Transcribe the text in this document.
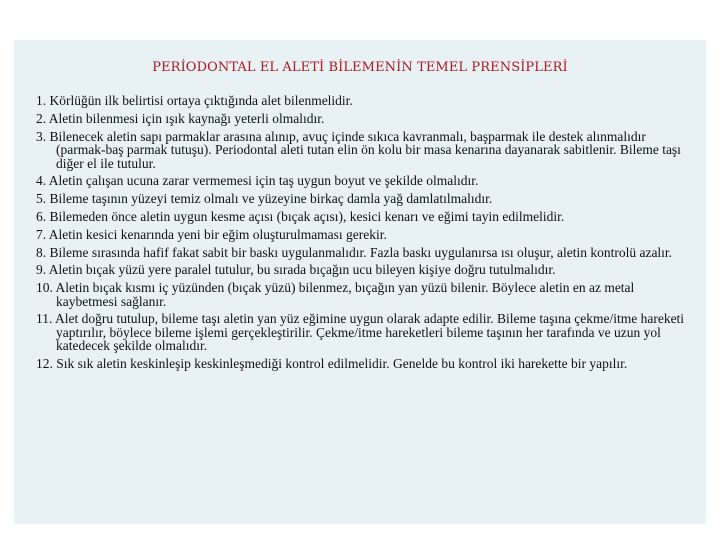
PERİODONTAL EL ALETİ BİLEMENİN TEMEL PRENSİPLERİ
1. Körlüğün ilk belirtisi ortaya çıktığında alet bilenmelidir.
2. Aletin bilenmesi için ışık kaynağı yeterli olmalıdır.
3. Bilenecek aletin sapı parmaklar arasına alınıp, avuç içinde sıkıca kavranmalı, başparmak ile destek alınmalıdır (parmak-baş parmak tutuşu). Periodontal aleti tutan elin ön kolu bir masa kenarına dayanarak sabitlenir. Bileme taşı diğer el ile tutulur.
4. Aletin çalışan ucuna zarar vermemesi için taş uygun boyut ve şekilde olmalıdır.
5. Bileme taşının yüzeyi temiz olmalı ve yüzeyine birkaç damla yağ damlatılmalıdır.
6. Bilemeden önce aletin uygun kesme açısı (bıçak açısı), kesici kenarı ve eğimi tayin edilmelidir.
7. Aletin kesici kenarında yeni bir eğim oluşturulmaması gerekir.
8. Bileme sırasında hafif fakat sabit bir baskı uygulanmalıdır. Fazla baskı uygulanırsa ısı oluşur, aletin kontrolü azalır.
9. Aletin bıçak yüzü yere paralel tutulur, bu sırada bıçağın ucu bileyen kişiye doğru tutulmalıdır.
10. Aletin bıçak kısmı iç yüzünden (bıçak yüzü) bilenmez, bıçağın yan yüzü bilenir. Böylece aletin en az metal kaybetmesi sağlanır.
11. Alet doğru tutulup, bileme taşı aletin yan yüz eğimine uygun olarak adapte edilir. Bileme taşına çekme/itme hareketi yaptırılır, böylece bileme işlemi gerçekleştirilir. Çekme/itme hareketleri bileme taşının her tarafında ve uzun yol katedecek şekilde olmalıdır.
12. Sık sık aletin keskinleşip keskinleşmediği kontrol edilmelidir. Genelde bu kontrol iki harekette bir yapılır.
